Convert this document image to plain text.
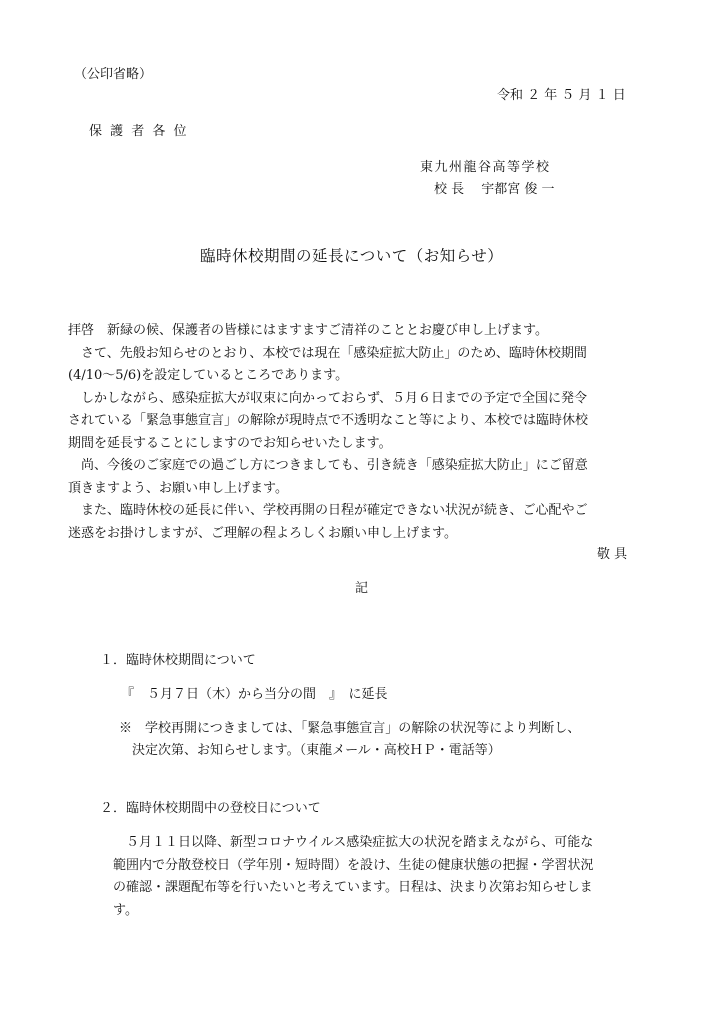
（公印省略）
令和 ２ 年 ５ 月 １ 日
保 護 者 各 位
東九州龍谷高等学校
校 長　 宇都宮 俊 一
臨時休校期間の延長について（お知らせ）
拝啓　新緑の候、保護者の皆様にはますますご清祥のこととお慶び申し上げます。
　さて、先般お知らせのとおり、本校では現在「感染症拡大防止」のため、臨時休校期間
(4/10～5/6)を設定しているところであります。
　しかしながら、感染症拡大が収束に向かっておらず、５月６日までの予定で全国に発令
されている「緊急事態宣言」の解除が現時点で不透明なこと等により、本校では臨時休校
期間を延長することにしますのでお知らせいたします。
　尚、今後のご家庭での過ごし方につきましても、引き続き「感染症拡大防止」にご留意
頂きますよう、お願い申し上げます。
　また、臨時休校の延長に伴い、学校再開の日程が確定できない状況が続き、ご心配やご
迷惑をお掛けしますが、ご理解の程よろしくお願い申し上げます。
敬 具
記
１．臨時休校期間について
『　５月７日（木）から当分の間　』　に延長
※　学校再開につきましては、「緊急事態宣言」の解除の状況等により判断し、
　決定次第、お知らせします。（東龍メール・高校ＨＰ・電話等）
２．臨時休校期間中の登校日について
　５月１１日以降、新型コロナウイルス感染症拡大の状況を踏まえながら、可能な
範囲内で分散登校日（学年別・短時間）を設け、生徒の健康状態の把握・学習状況
の確認・課題配布等を行いたいと考えています。日程は、決まり次第お知らせしま
す。
